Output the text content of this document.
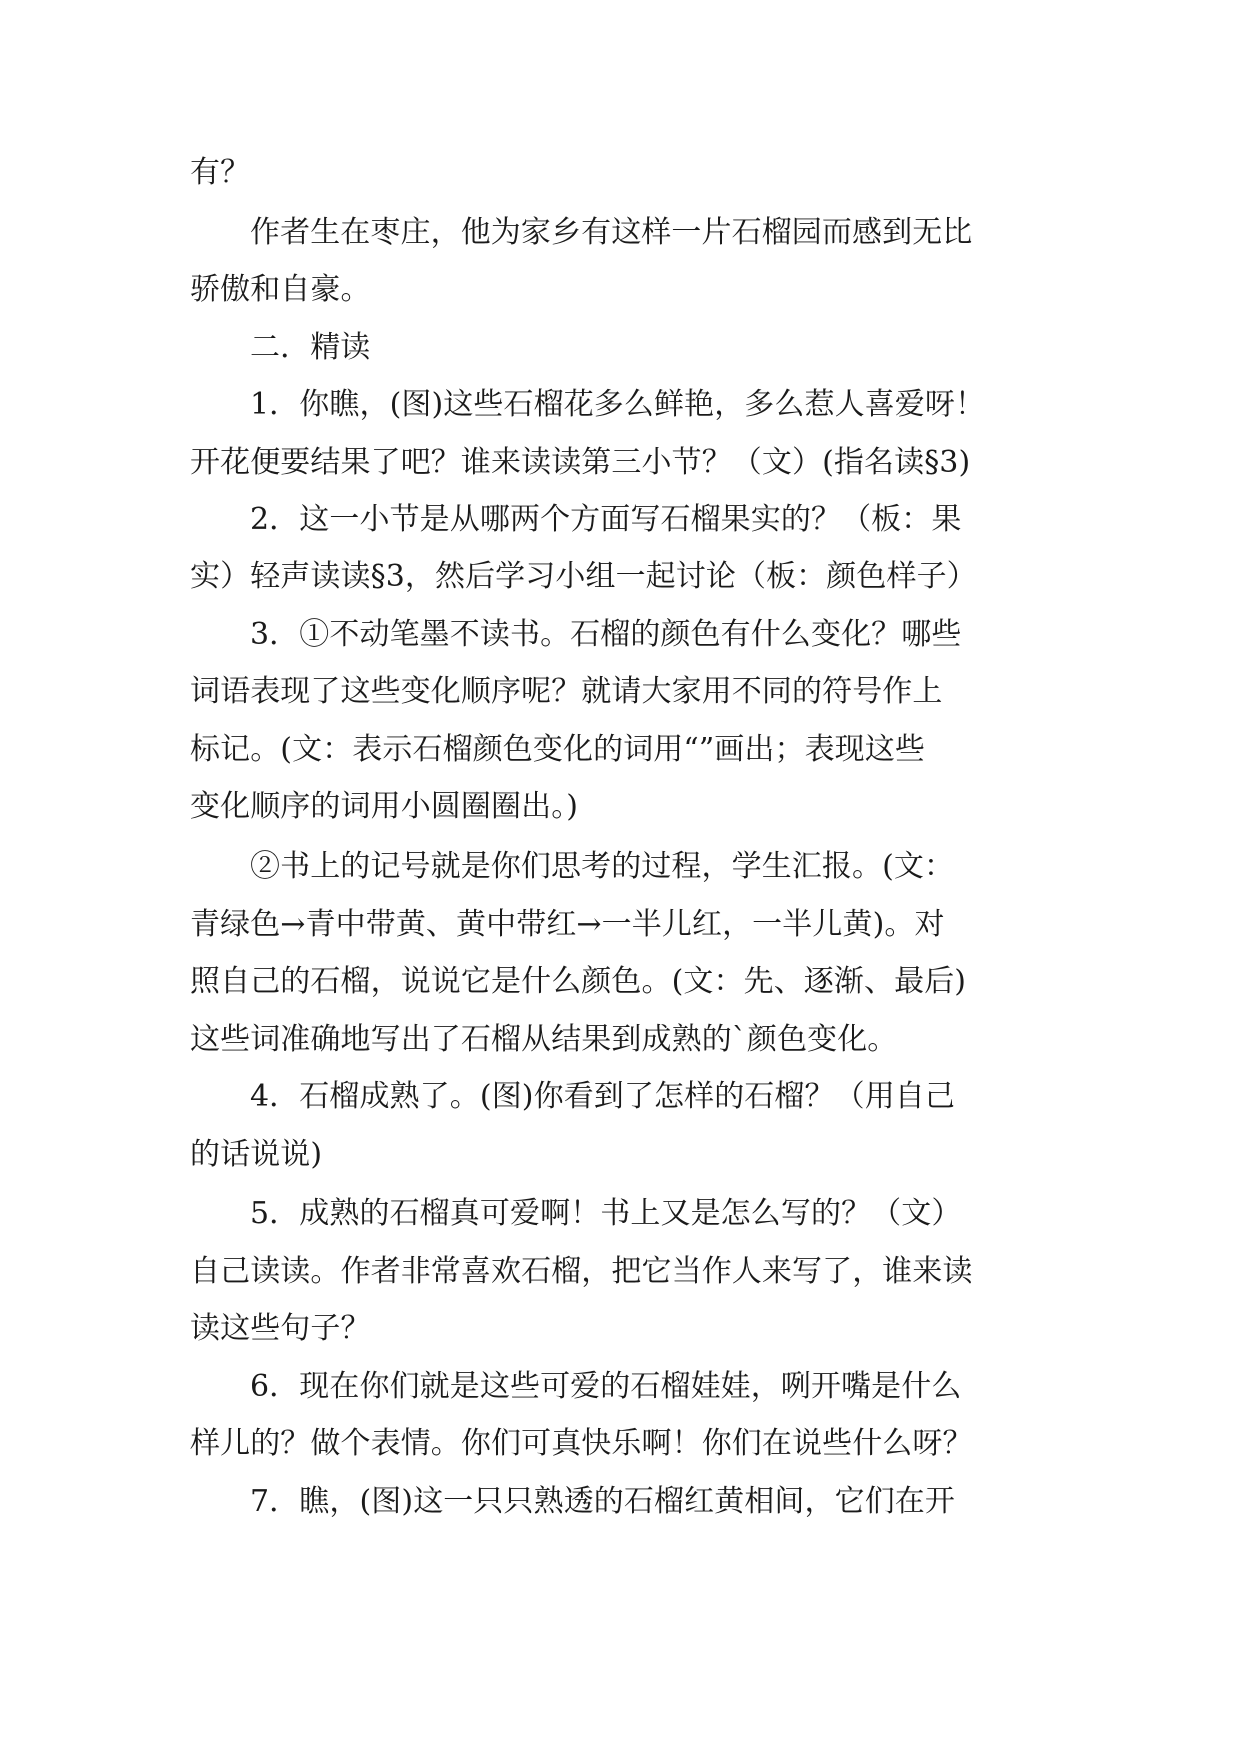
有？
作者生在枣庄，他为家乡有这样一片石榴园而感到无比
骄傲和自豪。
二．精读
1．你瞧，(图)这些石榴花多么鲜艳，多么惹人喜爱呀！
开花便要结果了吧？谁来读读第三小节？（文）(指名读§3)
2．这一小节是从哪两个方面写石榴果实的？（板：果
实）轻声读读§3，然后学习小组一起讨论（板：颜色样子）
3．①不动笔墨不读书。石榴的颜色有什么变化？哪些
词语表现了这些变化顺序呢？就请大家用不同的符号作上
标记。(文：表示石榴颜色变化的词用“”画出；表现这些
变化顺序的词用小圆圈圈出。)
②书上的记号就是你们思考的过程，学生汇报。(文：
青绿色→青中带黄、黄中带红→一半儿红，一半儿黄)。对
照自己的石榴，说说它是什么颜色。(文：先、逐渐、最后)
这些词准确地写出了石榴从结果到成熟的`颜色变化。
4．石榴成熟了。(图)你看到了怎样的石榴？（用自己
的话说说)
5．成熟的石榴真可爱啊！书上又是怎么写的？（文）
自己读读。作者非常喜欢石榴，把它当作人来写了，谁来读
读这些句子？
6．现在你们就是这些可爱的石榴娃娃，咧开嘴是什么
样儿的？做个表情。你们可真快乐啊！你们在说些什么呀？
7．瞧，(图)这一只只熟透的石榴红黄相间，它们在开
